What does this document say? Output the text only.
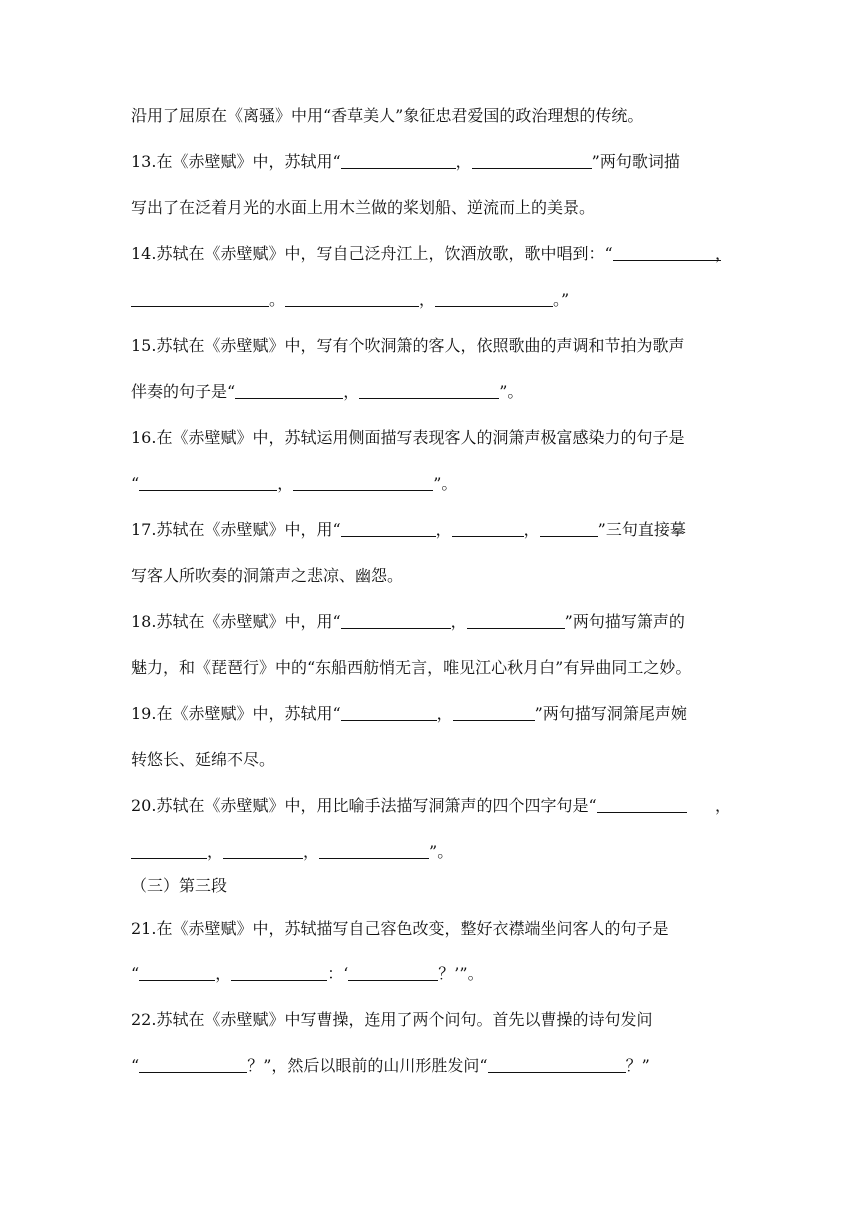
沿用了屈原在《离骚》中用“香草美人”象征忠君爱国的政治理想的传统。
13.在《赤壁赋》中，苏轼用“	，	”两句歌词描
写出了在泛着月光的水面上用木兰做的桨划船、逆流而上的美景。
14.苏轼在《赤壁赋》中，写自己泛舟江上，饮酒放歌，歌中唱到：“	，
。	，	。”
15.苏轼在《赤壁赋》中，写有个吹洞箫的客人，依照歌曲的声调和节拍为歌声
伴奏的句子是“	，	”。
16.在《赤壁赋》中，苏轼运用侧面描写表现客人的洞箫声极富感染力的句子是
“	，	”。
17.苏轼在《赤壁赋》中，用“	，	，	”三句直接摹
写客人所吹奏的洞箫声之悲凉、幽怨。
18.苏轼在《赤壁赋》中，用“	，	”两句描写箫声的
魅力，和《琵琶行》中的“东船西舫悄无言，唯见江心秋月白”有异曲同工之妙。
19.在《赤壁赋》中，苏轼用“	，	”两句描写洞箫尾声婉
转悠长、延绵不尽。
20.苏轼在《赤壁赋》中，用比喻手法描写洞箫声的四个四字句是“	，
，	，	”。
（三）第三段
21.在《赤壁赋》中，苏轼描写自己容色改变，整好衣襟端坐问客人的句子是
“	，	：‘	？’”。
22.苏轼在《赤壁赋》中写曹操，连用了两个问句。首先以曹操的诗句发问
“	？”，然后以眼前的山川形胜发问“	？”
